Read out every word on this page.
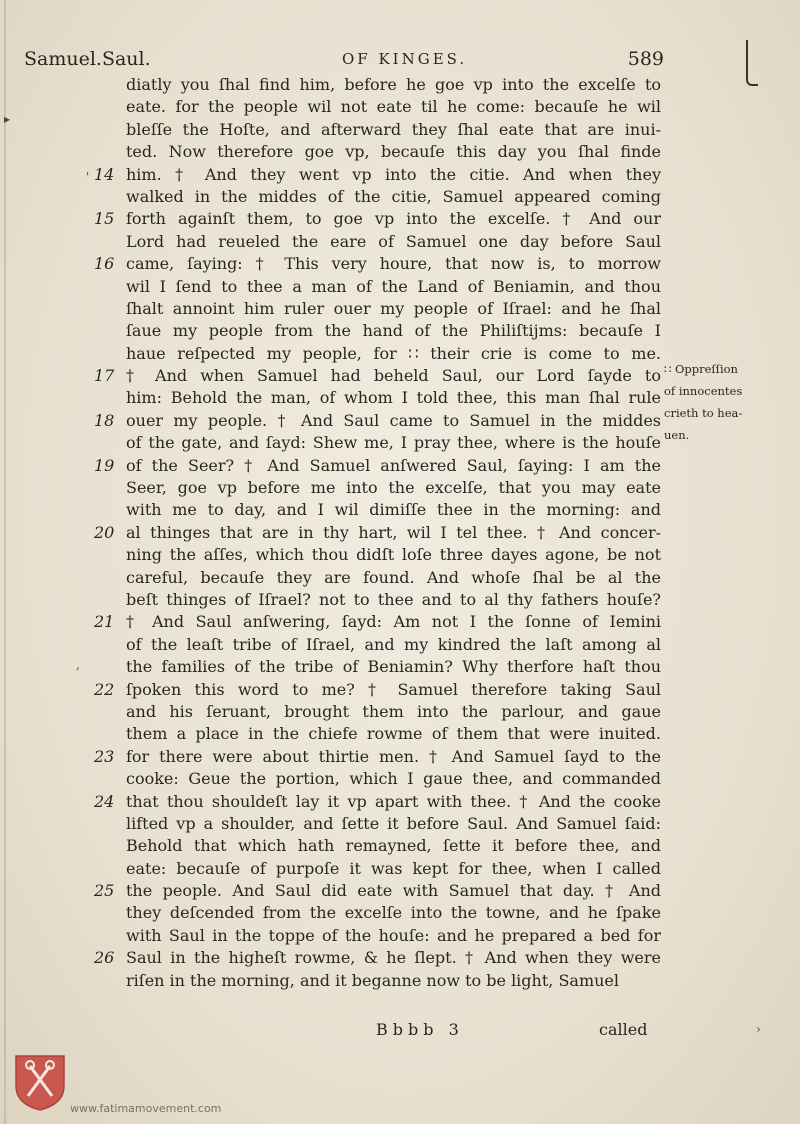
Samuel.Saul.	OF KINGES.	589
diatly you ſhal find him, before he goe vp into the excelſe to
eate. for the people wil not eate til he come: becauſe he wil
bleſſe the Hoſte, and afterward they ſhal eate that are inui-
ted. Now therefore goe vp, becauſe this day you ſhal finde
14 him. † And they went vp into the citie. And when they
walked in the middes of the citie, Samuel appeared coming
15 forth againſt them, to goe vp into the excelſe. † And our
Lord had reueled the eare of Samuel one day before Saul
16 came, ſaying: † This very houre, that now is, to morrow
wil I ſend to thee a man of the Land of Beniamin, and thou
ſhalt annoint him ruler ouer my people of Iſrael: and he ſhal
ſaue my people from the hand of the Philiſtijms: becauſe I
haue reſpected my people, for ∷ their crie is come to me.
17 † And when Samuel had beheld Saul, our Lord ſayde to
him: Behold the man, of whom I told thee, this man ſhal rule
18 ouer my people. † And Saul came to Samuel in the middes
of the gate, and ſayd: Shew me, I pray thee, where is the houſe
19 of the Seer? † And Samuel anſwered Saul, ſaying: I am the
Seer, goe vp before me into the excelſe, that you may eate
with me to day, and I wil dimiſſe thee in the morning: and
20 al thinges that are in thy hart, wil I tel thee. † And concer-
ning the aſſes, which thou didſt loſe three dayes agone, be not
careful, becauſe they are found. And whoſe ſhal be al the
beſt thinges of Iſrael? not to thee and to al thy fathers houſe?
21 † And Saul anſwering, ſayd: Am not I the ſonne of Iemini
of the leaſt tribe of Iſrael, and my kindred the laſt among al
the families of the tribe of Beniamin? Why therfore haſt thou
22 ſpoken this word to me? † Samuel therefore taking Saul
and his ſeruant, brought them into the parlour, and gaue
them a place in the chiefe rowme of them that were inuited.
23 for there were about thirtie men. † And Samuel ſayd to the
cooke: Geue the portion, which I gaue thee, and commanded
24 that thou shouldeſt lay it vp apart with thee. † And the cooke
lifted vp a shoulder, and ſette it before Saul. And Samuel ſaid:
Behold that which hath remayned, ſette it before thee, and
eate: becauſe of purpoſe it was kept for thee, when I called
25 the people. And Saul did eate with Samuel that day. † And
they deſcended from the excelſe into the towne, and he ſpake
with Saul in the toppe of the houſe: and he prepared a bed for
26 Saul in the higheſt rowme, & he ſlept. † And when they were
riſen in the morning, and it beganne now to be light, Samuel
∷ Oppreſſion
of innocentes
crieth to hea-
uen.
Bbbb 3	called
▸
'
,
›
www.fatimamovement.com
